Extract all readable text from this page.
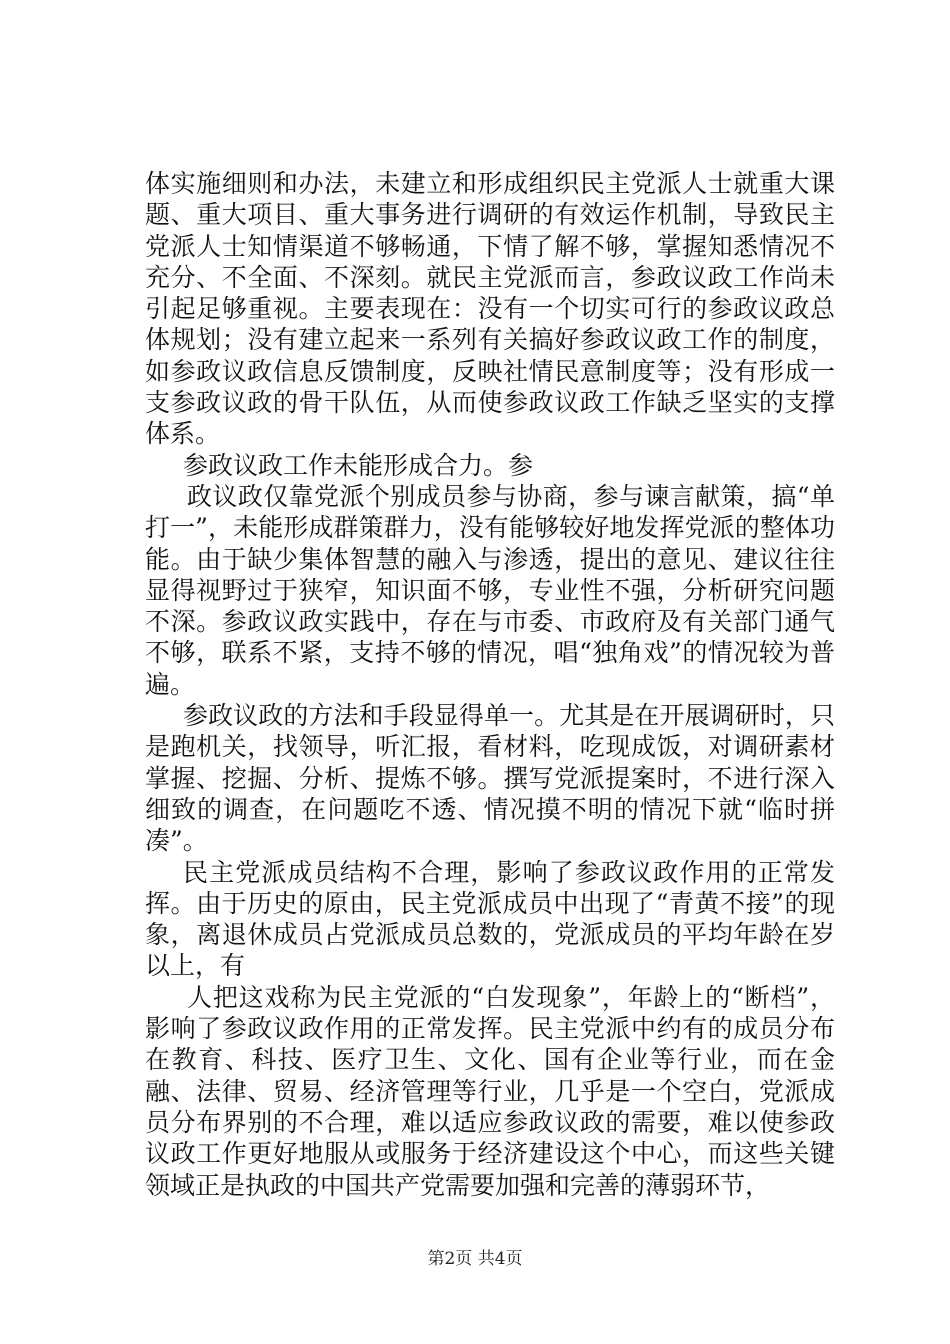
体实施细则和办法，未建立和形成组织民主党派人士就重大课题、重大项目、重大事务进行调研的有效运作机制，导致民主党派人士知情渠道不够畅通，下情了解不够，掌握知悉情况不充分、不全面、不深刻。就民主党派而言，参政议政工作尚未引起足够重视。主要表现在：没有一个切实可行的参政议政总体规划；没有建立起来一系列有关搞好参政议政工作的制度，如参政议政信息反馈制度，反映社情民意制度等；没有形成一支参政议政的骨干队伍，从而使参政议政工作缺乏坚实的支撑体系。

参政议政工作未能形成合力。参

政议政仅靠党派个别成员参与协商，参与谏言献策，搞“单打一”，未能形成群策群力，没有能够较好地发挥党派的整体功能。由于缺少集体智慧的融入与渗透，提出的意见、建议往往显得视野过于狭窄，知识面不够，专业性不强，分析研究问题不深。参政议政实践中，存在与市委、市政府及有关部门通气不够，联系不紧，支持不够的情况，唱“独角戏”的情况较为普遍。

参政议政的方法和手段显得单一。尤其是在开展调研时，只是跑机关，找领导，听汇报，看材料，吃现成饭，对调研素材掌握、挖掘、分析、提炼不够。撰写党派提案时，不进行深入细致的调查，在问题吃不透、情况摸不明的情况下就“临时拼凑”。

民主党派成员结构不合理，影响了参政议政作用的正常发挥。由于历史的原由，民主党派成员中出现了“青黄不接”的现象，离退休成员占党派成员总数的，党派成员的平均年龄在岁以上，有

人把这戏称为民主党派的“白发现象”，年龄上的“断档”，影响了参政议政作用的正常发挥。民主党派中约有的成员分布在教育、科技、医疗卫生、文化、国有企业等行业，而在金融、法律、贸易、经济管理等行业，几乎是一个空白，党派成员分布界别的不合理，难以适应参政议政的需要，难以使参政议政工作更好地服从或服务于经济建设这个中心，而这些关键领域正是执政的中国共产党需要加强和完善的薄弱环节，

第2页 共4页
